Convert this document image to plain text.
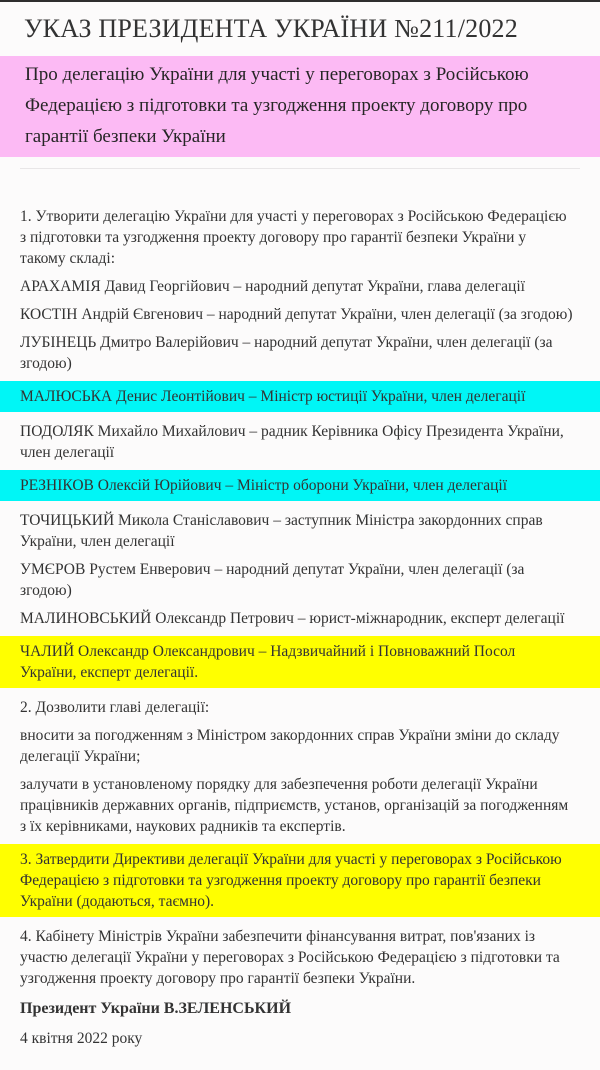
УКАЗ ПРЕЗИДЕНТА УКРАЇНИ №211/2022
Про делегацію України для участі у переговорах з Російською Федерацією з підготовки та узгодження проекту договору про гарантії безпеки України

1. Утворити делегацію України для участі у переговорах з Російською Федерацією з підготовки та узгодження проекту договору про гарантії безпеки України у такому складі:

АРАХАМІЯ Давид Георгійович – народний депутат України, глава делегації

КОСТІН Андрій Євгенович – народний депутат України, член делегації (за згодою)

ЛУБІНЕЦЬ Дмитро Валерійович – народний депутат України, член делегації (за згодою)

МАЛЮСЬКА Денис Леонтійович – Міністр юстиції України, член делегації

ПОДОЛЯК Михайло Михайлович – радник Керівника Офісу Президента України, член делегації

РЕЗНІКОВ Олексій Юрійович – Міністр оборони України, член делегації

ТОЧИЦЬКИЙ Микола Станіславович – заступник Міністра закордонних справ України, член делегації

УМЄРОВ Рустем Енверович – народний депутат України, член делегації (за згодою)

МАЛИНОВСЬКИЙ Олександр Петрович – юрист-міжнародник, експерт делегації

ЧАЛИЙ Олександр Олександрович – Надзвичайний і Повноважний Посол України, експерт делегації.

2. Дозволити главі делегації:

вносити за погодженням з Міністром закордонних справ України зміни до складу делегації України;

залучати в установленому порядку для забезпечення роботи делегації України працівників державних органів, підприємств, установ, організацій за погодженням з їх керівниками, наукових радників та експертів.

3. Затвердити Директиви делегації України для участі у переговорах з Російською Федерацією з підготовки та узгодження проекту договору про гарантії безпеки України (додаються, таємно).

4. Кабінету Міністрів України забезпечити фінансування витрат, пов'язаних із участю делегації України у переговорах з Російською Федерацією з підготовки та узгодження проекту договору про гарантії безпеки України.

Президент України В.ЗЕЛЕНСЬКИЙ

4 квітня 2022 року
